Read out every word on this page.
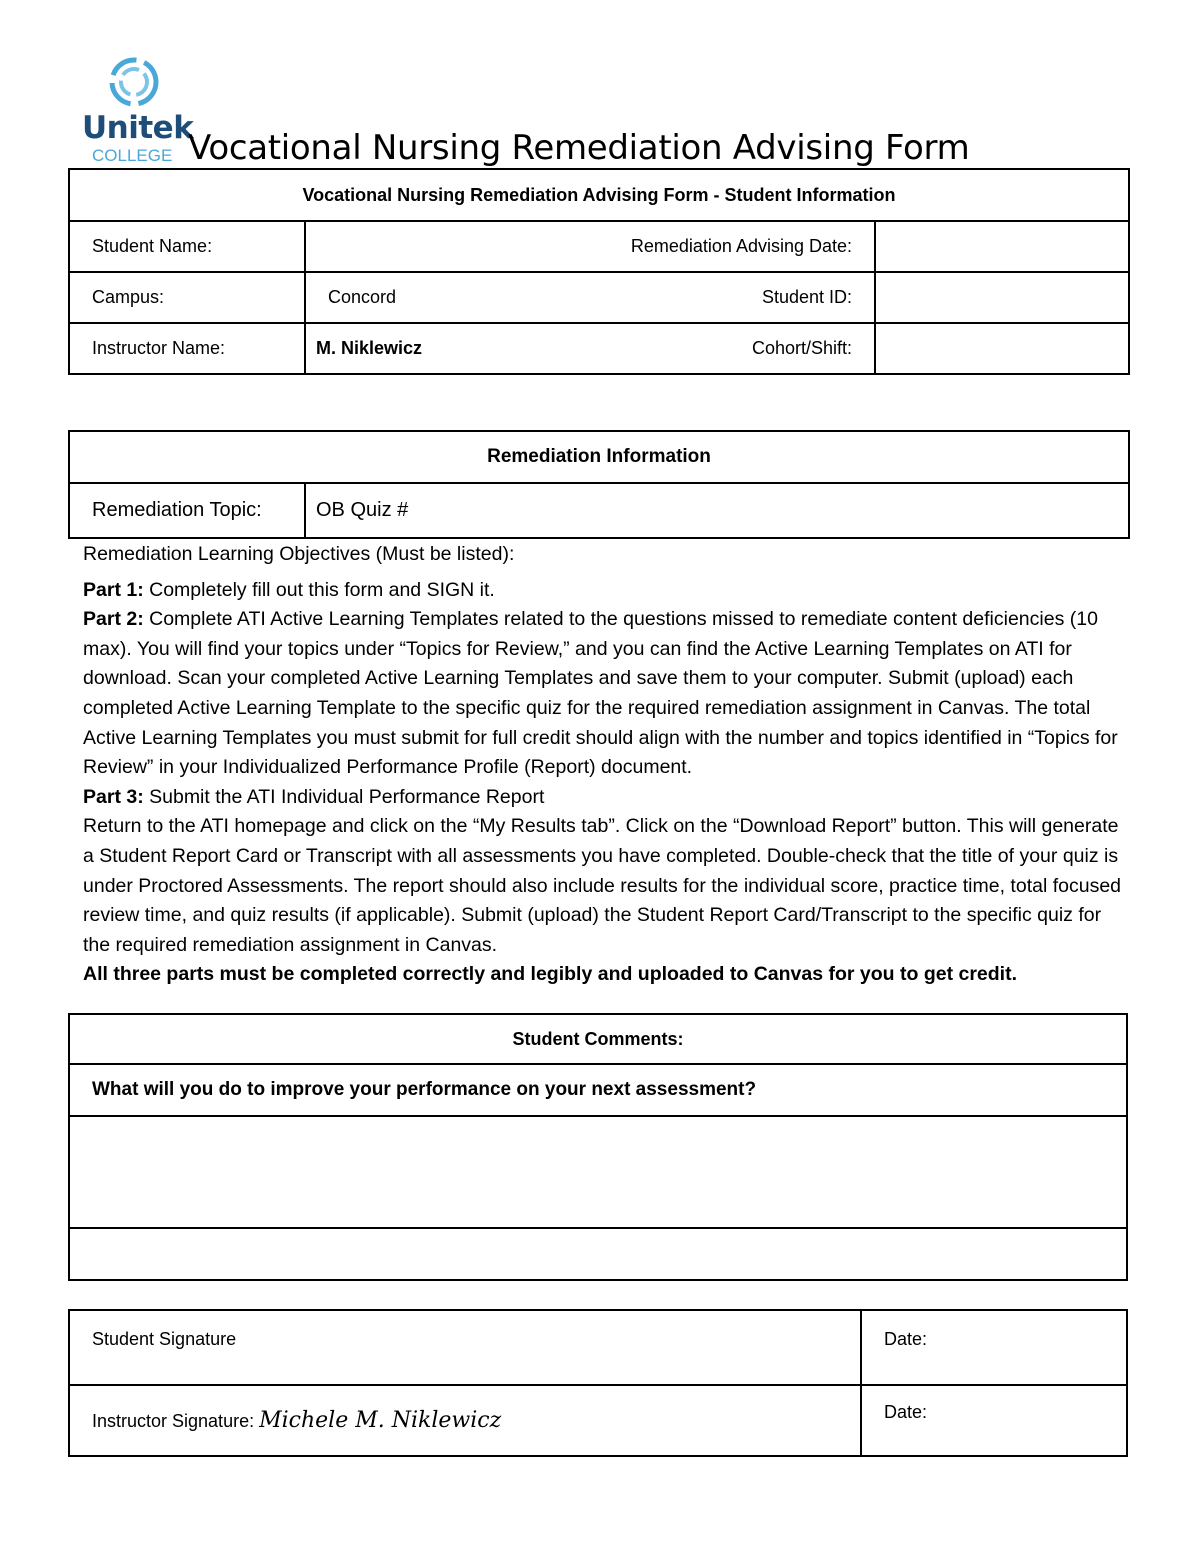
Unitek
COLLEGE Vocational Nursing Remediation Advising Form
Vocational Nursing Remediation Advising Form - Student Information			
Student Name:		Remediation Advising Date:	
Campus:	Concord	Student ID:	
Instructor Name:	M. Niklewicz	Cohort/Shift:	
Remediation Information
Remediation Topic:	OB Quiz #

Remediation Learning Objectives (Must be listed):

Part 1: Completely fill out this form and SIGN it.

Part 2: Complete ATI Active Learning Templates related to the questions missed to remediate content deficiencies (10 max). You will find your topics under “Topics for Review,” and you can find the Active Learning Templates on ATI for download. Scan your completed Active Learning Templates and save them to your computer. Submit (upload) each completed Active Learning Template to the specific quiz for the required remediation assignment in Canvas. The total Active Learning Templates you must submit for full credit should align with the number and topics identified in “Topics for Review” in your Individualized Performance Profile (Report) document.

Part 3: Submit the ATI Individual Performance Report

Return to the ATI homepage and click on the “My Results tab”. Click on the “Download Report” button. This will generate a Student Report Card or Transcript with all assessments you have completed. Double-check that the title of your quiz is under Proctored Assessments. The report should also include results for the individual score, practice time, total focused review time, and quiz results (if applicable). Submit (upload) the Student Report Card/Transcript to the specific quiz for the required remediation assignment in Canvas.

All three parts must be completed correctly and legibly and uploaded to Canvas for you to get credit.

Student Comments:
What will you do to improve your performance on your next assessment?

Student Signature	Date:
Instructor Signature: Michele M. Niklewicz	Date:
